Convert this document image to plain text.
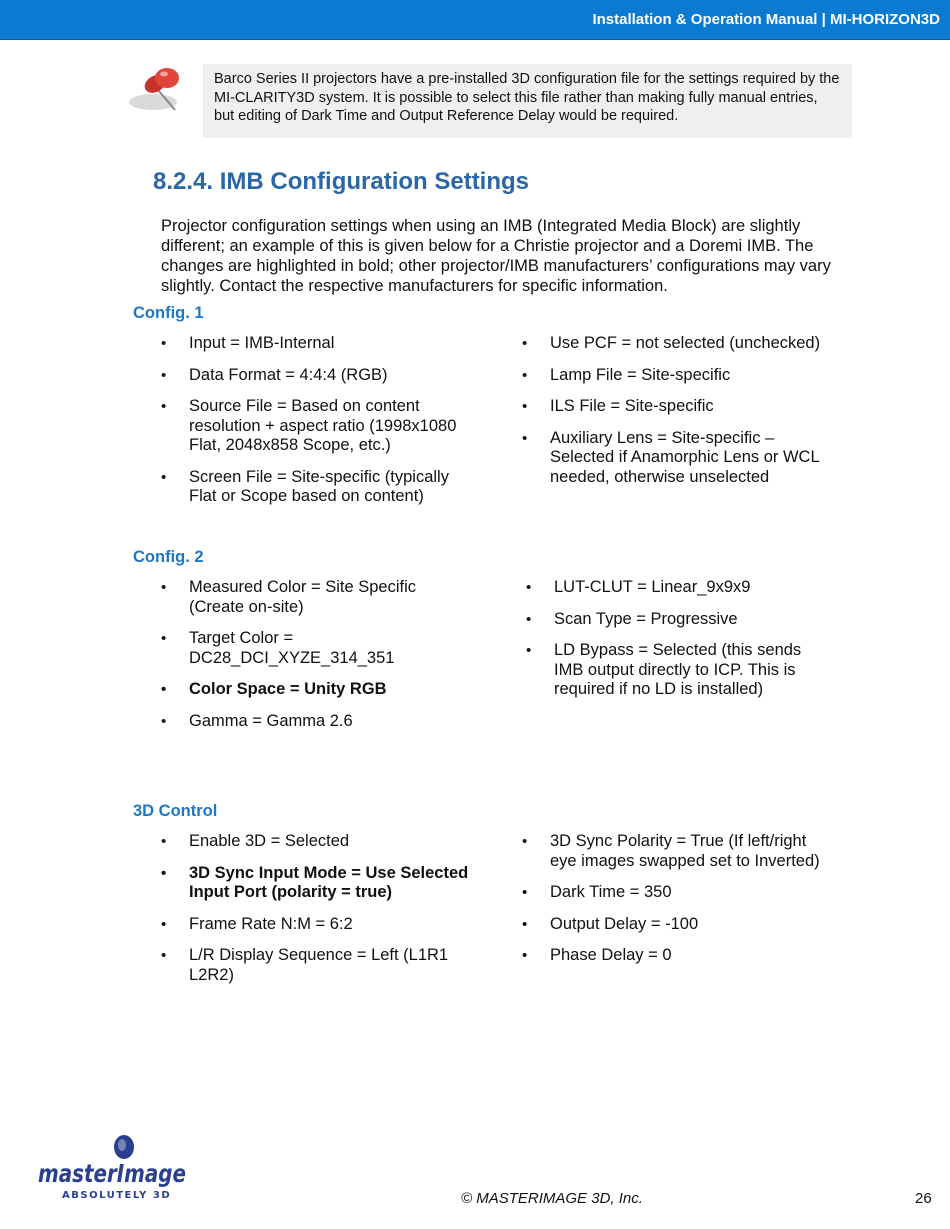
Installation & Operation Manual | MI-HORIZON3D
Barco Series II projectors have a pre-installed 3D configuration file for the settings required by the MI-CLARITY3D system. It is possible to select this file rather than making fully manual entries, but editing of Dark Time and Output Reference Delay would be required.
8.2.4. IMB Configuration Settings
Projector configuration settings when using an IMB (Integrated Media Block) are slightly different; an example of this is given below for a Christie projector and a Doremi IMB. The changes are highlighted in bold; other projector/IMB manufacturers’ configurations may vary slightly. Contact the respective manufacturers for specific information.
Config. 1
• Input = IMB-Internal
• Data Format = 4:4:4 (RGB)
• Source File = Based on content resolution + aspect ratio (1998x1080 Flat, 2048x858 Scope, etc.)
• Screen File = Site-specific (typically Flat or Scope based on content)
• Use PCF = not selected (unchecked)
• Lamp File = Site-specific
• ILS File = Site-specific
• Auxiliary Lens = Site-specific – Selected if Anamorphic Lens or WCL needed, otherwise unselected
Config. 2
• Measured Color = Site Specific (Create on-site)
• Target Color = DC28_DCI_XYZE_314_351
• Color Space = Unity RGB
• Gamma = Gamma 2.6
• LUT-CLUT = Linear_9x9x9
• Scan Type = Progressive
• LD Bypass = Selected (this sends IMB output directly to ICP. This is required if no LD is installed)
3D Control
• Enable 3D = Selected
• 3D Sync Input Mode = Use Selected Input Port (polarity = true)
• Frame Rate N:M = 6:2
• L/R Display Sequence = Left (L1R1 L2R2)
• 3D Sync Polarity = True (If left/right eye images swapped set to Inverted)
• Dark Time = 350
• Output Delay = -100
• Phase Delay = 0
masterImage
ABSOLUTELY 3D	© MASTERIMAGE 3D, Inc.	26
